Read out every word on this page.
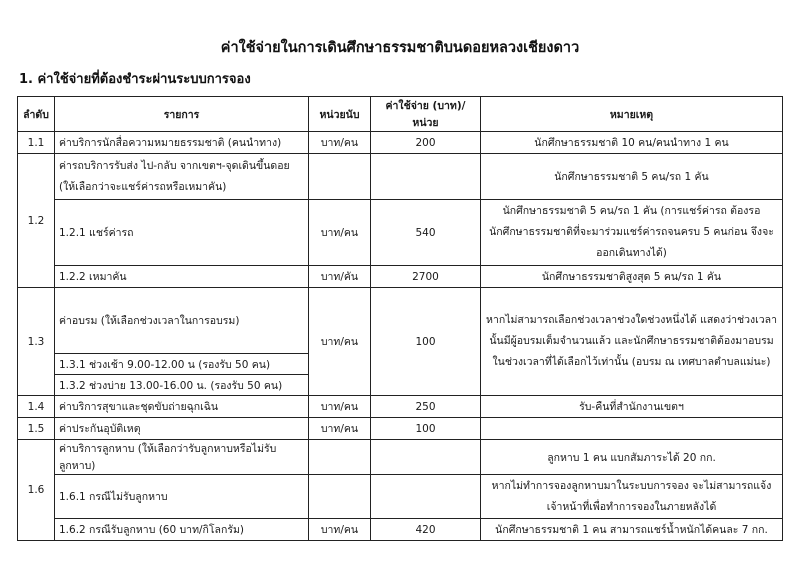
ค่าใช้จ่ายในการเดินศึกษาธรรมชาติบนดอยหลวงเชียงดาว
1. ค่าใช้จ่ายที่ต้องชำระผ่านระบบการจอง
ลำดับ	รายการ	หน่วยนับ	ค่าใช้จ่าย (บาท)/หน่วย	หมายเหตุ
1.1	ค่าบริการนักสื่อความหมายธรรมชาติ (คนนำทาง)	บาท/คน	200	นักศึกษาธรรมชาติ 10 คน/คนนำทาง 1 คน
1.2	ค่ารถบริการรับส่ง ไป-กลับ จากเขตฯ-จุดเดินขึ้นดอย (ให้เลือกว่าจะแชร์ค่ารถหรือเหมาคัน)			นักศึกษาธรรมชาติ 5 คน/รถ 1 คัน
	1.2.1 แชร์ค่ารถ	บาท/คน	540	นักศึกษาธรรมชาติ 5 คน/รถ 1 คัน (การแชร์ค่ารถ ต้องรอนักศึกษาธรรมชาติที่จะมาร่วมแชร์ค่ารถจนครบ 5 คนก่อน จึงจะออกเดินทางได้)
	1.2.2 เหมาคัน	บาท/คัน	2700	นักศึกษาธรรมชาติสูงสุด 5 คน/รถ 1 คัน
1.3	ค่าอบรม (ให้เลือกช่วงเวลาในการอบรม)	บาท/คน	100	หากไม่สามารถเลือกช่วงเวลาช่วงใดช่วงหนึ่งได้ แสดงว่าช่วงเวลานั้นมีผู้อบรมเต็มจำนวนแล้ว และนักศึกษาธรรมชาติต้องมาอบรมในช่วงเวลาที่ได้เลือกไว้เท่านั้น (อบรม ณ เทศบาลตำบลแม่นะ)
	1.3.1 ช่วงเช้า 9.00-12.00 น (รองรับ 50 คน)			
	1.3.2 ช่วงบ่าย 13.00-16.00 น. (รองรับ 50 คน)			
1.4	ค่าบริการสุขาและชุดขับถ่ายฉุกเฉิน	บาท/คน	250	รับ-คืนที่สำนักงานเขตฯ
1.5	ค่าประกันอุบัติเหตุ	บาท/คน	100	
1.6	ค่าบริการลูกหาบ (ให้เลือกว่ารับลูกหาบหรือไม่รับลูกหาบ)			ลูกหาบ 1 คน แบกสัมภาระได้ 20 กก.
	1.6.1 กรณีไม่รับลูกหาบ			หากไม่ทำการจองลูกหาบมาในระบบการจอง จะไม่สามารถแจ้งเจ้าหน้าที่เพื่อทำการจองในภายหลังได้
	1.6.2 กรณีรับลูกหาบ (60 บาท/กิโลกรัม)	บาท/คน	420	นักศึกษาธรรมชาติ 1 คน สามารถแชร์น้ำหนักได้คนละ 7 กก.
